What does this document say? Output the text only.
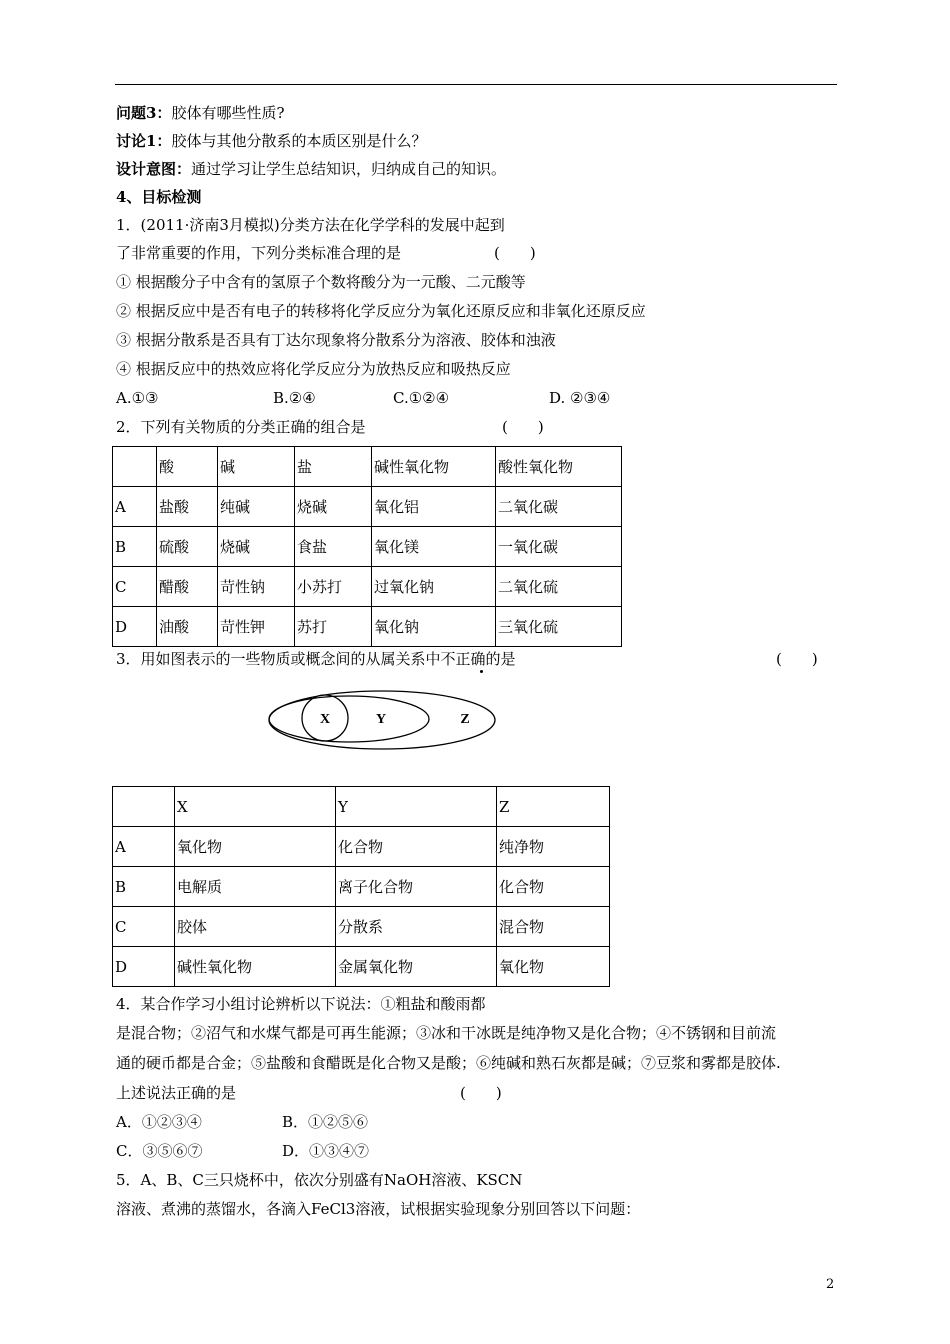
问题3：胶体有哪些性质?
讨论1：胶体与其他分散系的本质区别是什么？
设计意图：通过学习让学生总结知识，归纳成自己的知识。
4、目标检测
1．(2011·济南3月模拟)分类方法在化学学科的发展中起到
了非常重要的作用，下列分类标准合理的是	(　　)
① 根据酸分子中含有的氢原子个数将酸分为一元酸、二元酸等
② 根据反应中是否有电子的转移将化学反应分为氧化还原反应和非氧化还原反应
③ 根据分散系是否具有丁达尔现象将分散系分为溶液、胶体和浊液
④ 根据反应中的热效应将化学反应分为放热反应和吸热反应
A.①③	B.②④	C.①②④	D. ②③④
2．下列有关物质的分类正确的组合是	(　　)
	酸	碱	盐	碱性氧化物	酸性氧化物
A	盐酸	纯碱	烧碱	氧化铝	二氧化碳
B	硫酸	烧碱	食盐	氧化镁	一氧化碳
C	醋酸	苛性钠	小苏打	过氧化钠	二氧化硫
D	油酸	苛性钾	苏打	氧化钠	三氧化硫
3．用如图表示的一些物质或概念间的从属关系中不正确的是	(　　)
X	Y	Z
	X	Y	Z
A	氧化物	化合物	纯净物
B	电解质	离子化合物	化合物
C	胶体	分散系	混合物
D	碱性氧化物	金属氧化物	氧化物
4．某合作学习小组讨论辨析以下说法：①粗盐和酸雨都
是混合物；②沼气和水煤气都是可再生能源；③冰和干冰既是纯净物又是化合物；④不锈钢和目前流
通的硬币都是合金；⑤盐酸和食醋既是化合物又是酸；⑥纯碱和熟石灰都是碱；⑦豆浆和雾都是胶体.
上述说法正确的是	(　　)
A．①②③④	B．①②⑤⑥
C．③⑤⑥⑦	D．①③④⑦
5．A、B、C三只烧杯中，依次分别盛有NaOH溶液、KSCN
溶液、煮沸的蒸馏水，各滴入FeCl3溶液，试根据实验现象分别回答以下问题：
2
